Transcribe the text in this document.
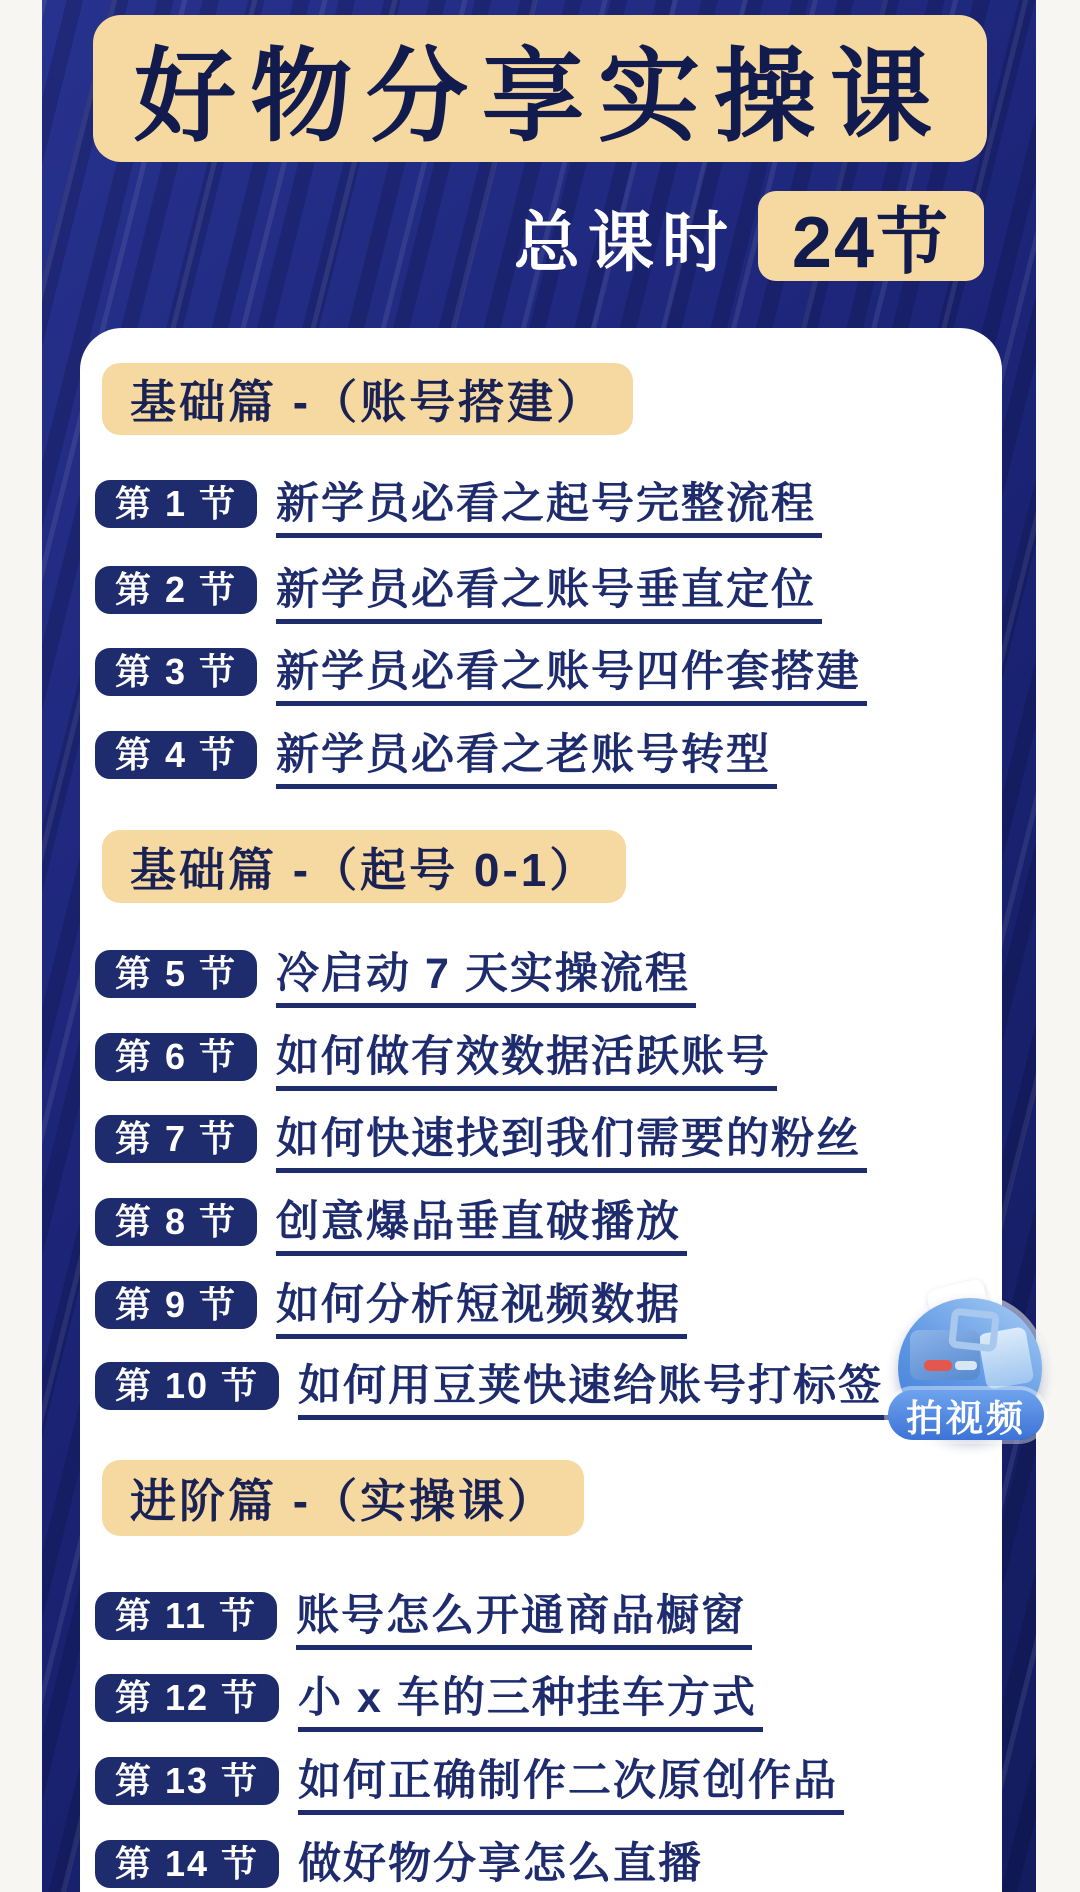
好物分享实操课
总课时 24节
基础篇 -（账号搭建）
第 1 节 新学员必看之起号完整流程
第 2 节 新学员必看之账号垂直定位
第 3 节 新学员必看之账号四件套搭建
第 4 节 新学员必看之老账号转型
基础篇 -（起号 0-1）
第 5 节 冷启动 7 天实操流程
第 6 节 如何做有效数据活跃账号
第 7 节 如何快速找到我们需要的粉丝
第 8 节 创意爆品垂直破播放
第 9 节 如何分析短视频数据
第 10 节 如何用豆荚快速给账号打标签
进阶篇 -（实操课）
第 11 节 账号怎么开通商品橱窗
第 12 节 小 x 车的三种挂车方式
第 13 节 如何正确制作二次原创作品
第 14 节 做好物分享怎么直播
拍视频
